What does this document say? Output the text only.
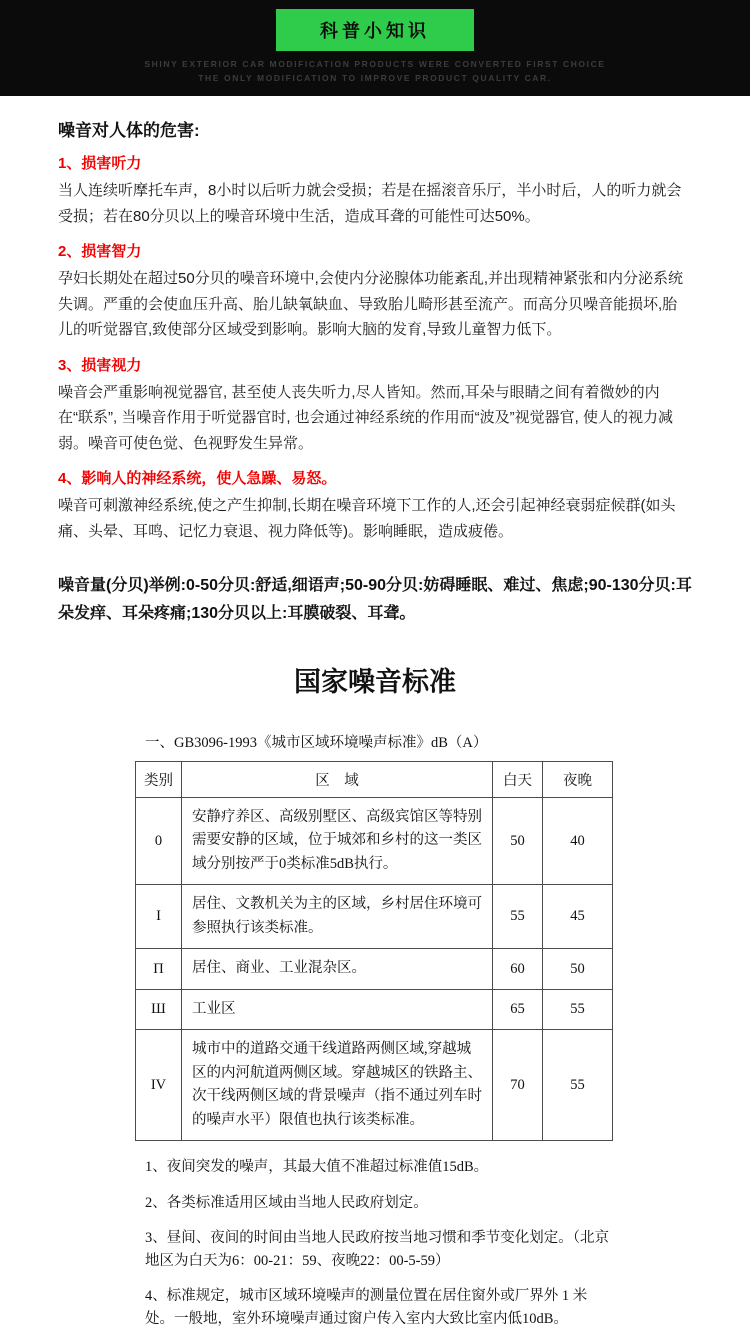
科普小知识
SHINY EXTERIOR CAR MODIFICATION PRODUCTS WERE CONVERTED FIRST CHOICE
THE ONLY MODIFICATION TO IMPROVE PRODUCT QUALITY CAR.
噪音对人体的危害:
1、损害听力

当人连续听摩托车声，8小时以后听力就会受损；若是在摇滚音乐厅，半小时后，人的听力就会受损；若在80分贝以上的噪音环境中生活，造成耳聋的可能性可达50%。

2、损害智力

孕妇长期处在超过50分贝的噪音环境中,会使内分泌腺体功能紊乱,并出现精神紧张和内分泌系统失调。严重的会使血压升高、胎儿缺氧缺血、导致胎儿畸形甚至流产。而高分贝噪音能损坏,胎儿的听觉器官,致使部分区域受到影响。影响大脑的发育,导致儿童智力低下。

3、损害视力

噪音会严重影响视觉器官, 甚至使人丧失听力,尽人皆知。然而,耳朵与眼睛之间有着微妙的内在“联系”, 当噪音作用于听觉器官时, 也会通过神经系统的作用而“波及”视觉器官, 使人的视力减弱。噪音可使色觉、色视野发生异常。

4、影响人的神经系统，使人急躁、易怒。

噪音可刺激神经系统,使之产生抑制,长期在噪音环境下工作的人,还会引起神经衰弱症候群(如头痛、头晕、耳鸣、记忆力衰退、视力降低等)。影响睡眠，造成疲倦。

噪音量(分贝)举例:0-50分贝:舒适,细语声;50-90分贝:妨碍睡眠、难过、焦虑;90-130分贝:耳朵发痒、耳朵疼痛;130分贝以上:耳膜破裂、耳聋。

国家噪音标准
一、GB3096-1993《城市区域环境噪声标准》dB（A）
类别	区　域	白天	夜晚
0	安静疗养区、高级别墅区、高级宾馆区等特别需要安静的区域，位于城郊和乡村的这一类区域分别按严于0类标准5dB执行。	50	40
I	居住、文教机关为主的区域，乡村居住环境可参照执行该类标准。	55	45
Π	居住、商业、工业混杂区。	60	50
Ш	工业区	65	55
IV	城市中的道路交通干线道路两侧区域,穿越城区的内河航道两侧区域。穿越城区的铁路主、次干线两侧区域的背景噪声（指不通过列车时的噪声水平）限值也执行该类标准。	70	55
1、夜间突发的噪声，其最大值不准超过标准值15dB。
2、各类标准适用区域由当地人民政府划定。
3、昼间、夜间的时间由当地人民政府按当地习惯和季节变化划定。（北京地区为白天为6：00-21：59、夜晚22：00-5-59）
4、标准规定，城市区域环境噪声的测量位置在居住窗外或厂界外 1 米处。一般地，室外环境噪声通过窗户传入室内大致比室内低10dB。
